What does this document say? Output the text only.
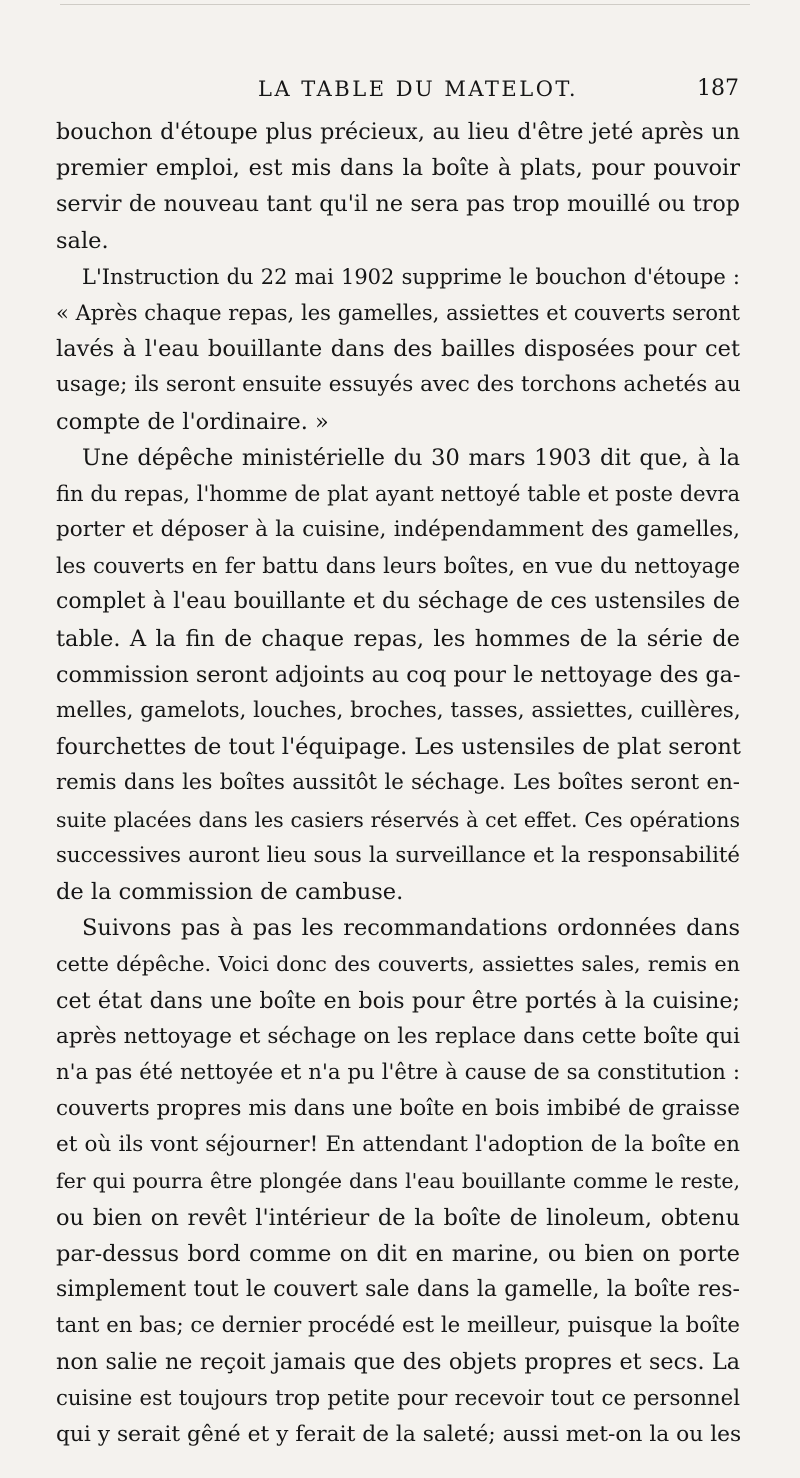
LA TABLE DU MATELOT.	187
bouchon d'étoupe plus précieux, au lieu d'être jeté après un
premier emploi, est mis dans la boîte à plats, pour pouvoir
servir de nouveau tant qu'il ne sera pas trop mouillé ou trop
sale.
L'Instruction du 22 mai 1902 supprime le bouchon d'étoupe :
« Après chaque repas, les gamelles, assiettes et couverts seront
lavés à l'eau bouillante dans des bailles disposées pour cet
usage; ils seront ensuite essuyés avec des torchons achetés au
compte de l'ordinaire. »
Une dépêche ministérielle du 30 mars 1903 dit que, à la
fin du repas, l'homme de plat ayant nettoyé table et poste devra
porter et déposer à la cuisine, indépendamment des gamelles,
les couverts en fer battu dans leurs boîtes, en vue du nettoyage
complet à l'eau bouillante et du séchage de ces ustensiles de
table. A la fin de chaque repas, les hommes de la série de
commission seront adjoints au coq pour le nettoyage des ga-
melles, gamelots, louches, broches, tasses, assiettes, cuillères,
fourchettes de tout l'équipage. Les ustensiles de plat seront
remis dans les boîtes aussitôt le séchage. Les boîtes seront en-
suite placées dans les casiers réservés à cet effet. Ces opérations
successives auront lieu sous la surveillance et la responsabilité
de la commission de cambuse.
Suivons pas à pas les recommandations ordonnées dans
cette dépêche. Voici donc des couverts, assiettes sales, remis en
cet état dans une boîte en bois pour être portés à la cuisine;
après nettoyage et séchage on les replace dans cette boîte qui
n'a pas été nettoyée et n'a pu l'être à cause de sa constitution :
couverts propres mis dans une boîte en bois imbibé de graisse
et où ils vont séjourner! En attendant l'adoption de la boîte en
fer qui pourra être plongée dans l'eau bouillante comme le reste,
ou bien on revêt l'intérieur de la boîte de linoleum, obtenu
par-dessus bord comme on dit en marine, ou bien on porte
simplement tout le couvert sale dans la gamelle, la boîte res-
tant en bas; ce dernier procédé est le meilleur, puisque la boîte
non salie ne reçoit jamais que des objets propres et secs. La
cuisine est toujours trop petite pour recevoir tout ce personnel
qui y serait gêné et y ferait de la saleté; aussi met-on la ou les
